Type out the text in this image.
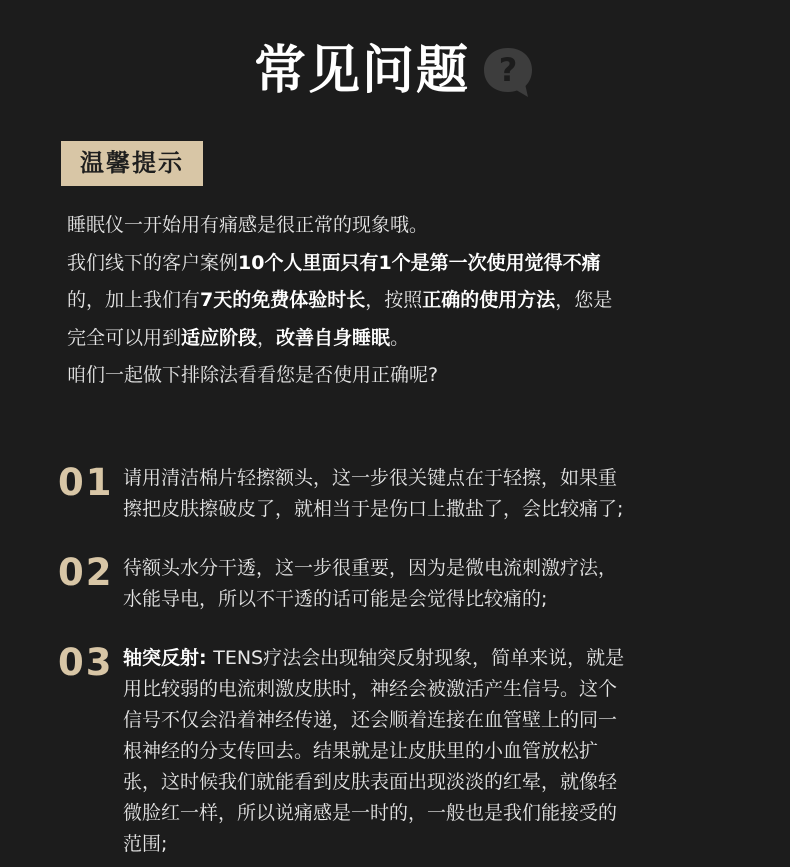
常见问题 ?
温馨提示

睡眠仪一开始用有痛感是很正常的现象哦。

我们线下的客户案例10个人里面只有1个是第一次使用觉得不痛

的，加上我们有7天的免费体验时长，按照正确的使用方法，您是

完全可以用到适应阶段，改善自身睡眠。

咱们一起做下排除法看看您是否使用正确呢?

01 请用清洁棉片轻擦额头，这一步很关键点在于轻擦，如果重

擦把皮肤擦破皮了，就相当于是伤口上撒盐了，会比较痛了;

02 待额头水分干透，这一步很重要，因为是微电流刺激疗法，

水能导电，所以不干透的话可能是会觉得比较痛的;

03 轴突反射: TENS疗法会出现轴突反射现象，简单来说，就是

用比较弱的电流刺激皮肤时，神经会被激活产生信号。这个

信号不仅会沿着神经传递，还会顺着连接在血管壁上的同一

根神经的分支传回去。结果就是让皮肤里的小血管放松扩

张，这时候我们就能看到皮肤表面出现淡淡的红晕，就像轻

微脸红一样，所以说痛感是一时的，一般也是我们能接受的

范围;
